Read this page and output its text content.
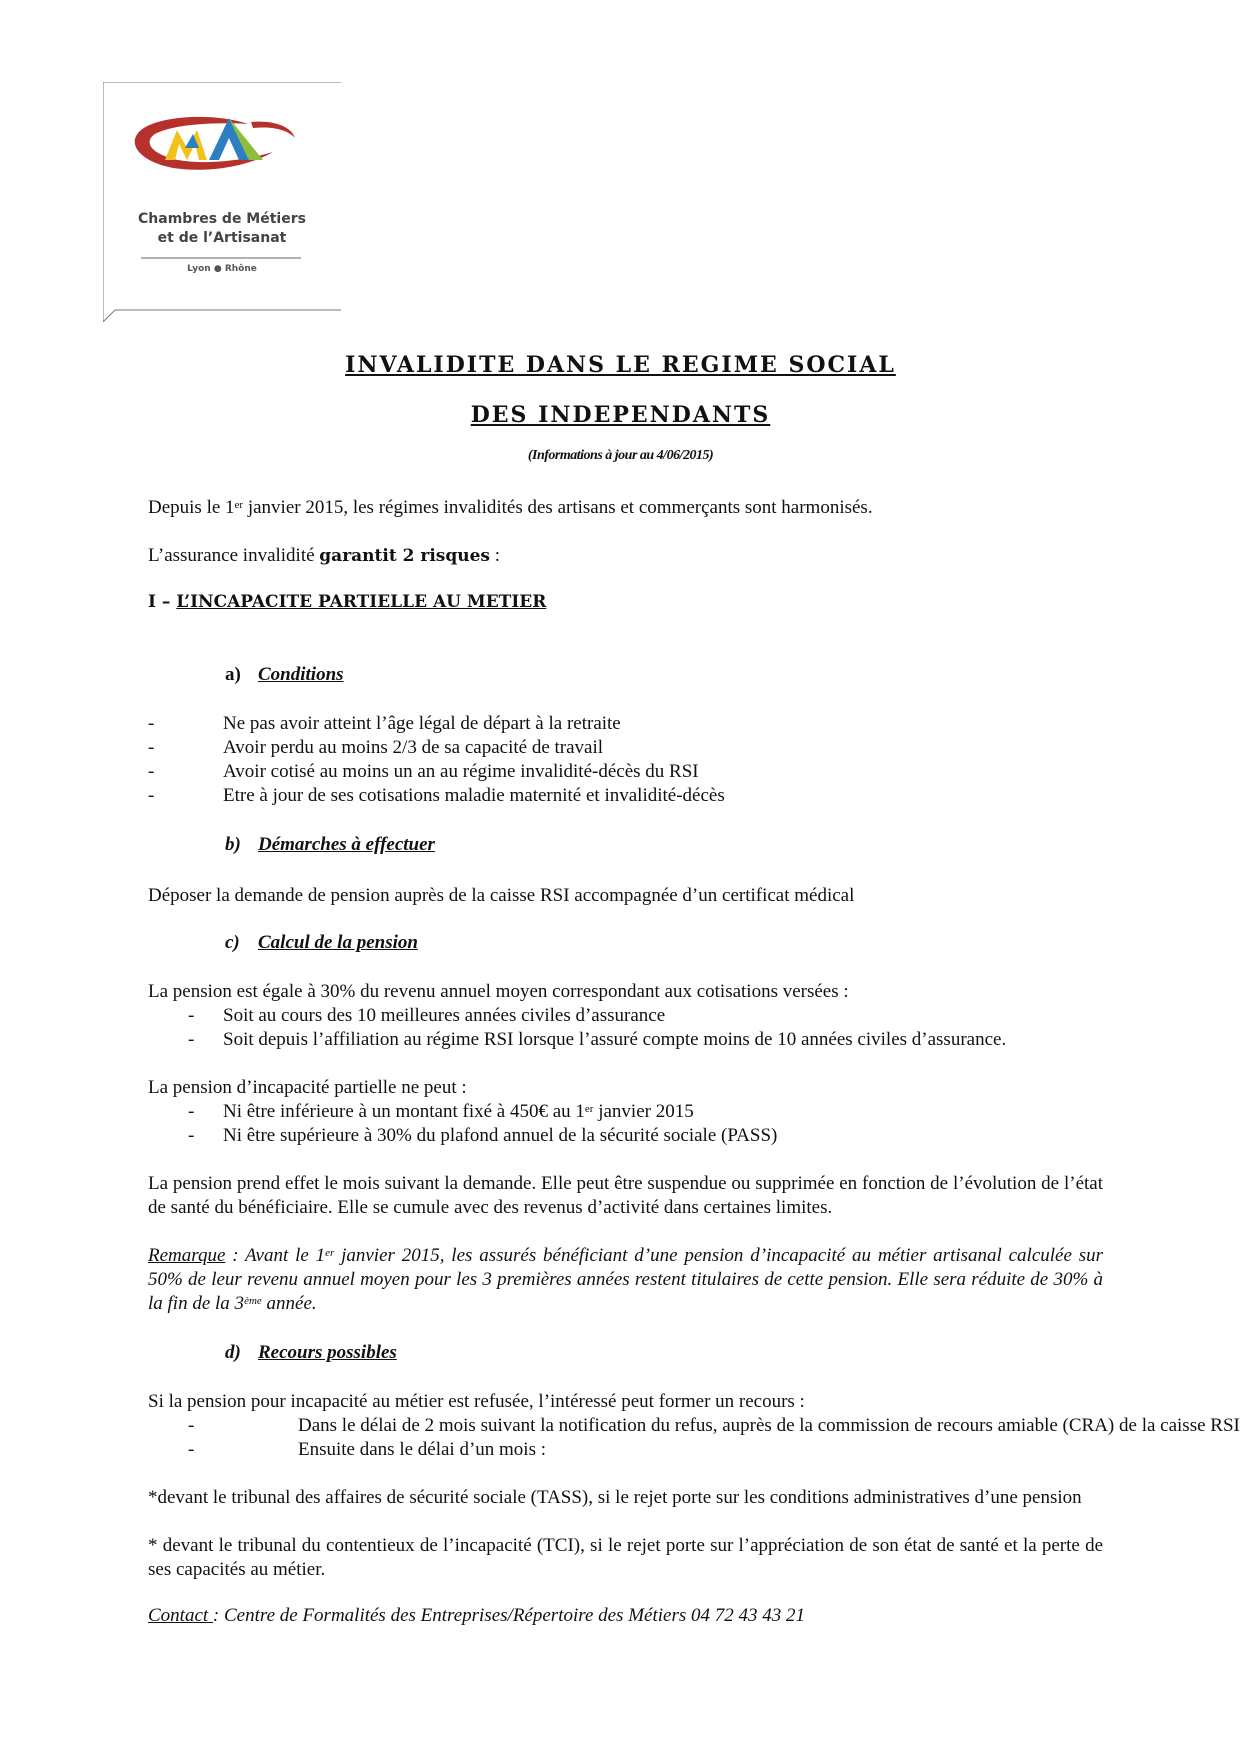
Chambres de Métiers
et de l’Artisanat
Lyon ● Rhône
INVALIDITE DANS LE REGIME SOCIAL
DES INDEPENDANTS
(Informations à jour au 4/06/2015)
Depuis le 1er janvier 2015, les régimes invalidités des artisans et commerçants sont harmonisés.
L’assurance invalidité garantit 2 risques :
I – L’INCAPACITE PARTIELLE AU METIER
a) Conditions
-	Ne pas avoir atteint l’âge légal de départ à la retraite
-	Avoir perdu au moins 2/3 de sa capacité de travail
-	Avoir cotisé au moins un an au régime invalidité-décès du RSI
-	Etre à jour de ses cotisations maladie maternité et invalidité-décès
b) Démarches à effectuer
Déposer la demande de pension auprès de la caisse RSI accompagnée d’un certificat médical
c) Calcul de la pension
La pension est égale à 30% du revenu annuel moyen correspondant aux cotisations versées :
- Soit au cours des 10 meilleures années civiles d’assurance
- Soit depuis l’affiliation au régime RSI lorsque l’assuré compte moins de 10 années civiles d’assurance.
La pension d’incapacité partielle ne peut :
- Ni être inférieure à un montant fixé à 450€ au 1er janvier 2015
- Ni être supérieure à 30% du plafond annuel de la sécurité sociale (PASS)
La pension prend effet le mois suivant la demande. Elle peut être suspendue ou supprimée en fonction de l’évolution de l’état de santé du bénéficiaire. Elle se cumule avec des revenus d’activité dans certaines limites.
Remarque : Avant le 1er janvier 2015, les assurés bénéficiant d’une pension d’incapacité au métier artisanal calculée sur 50% de leur revenu annuel moyen pour les 3 premières années restent titulaires de cette pension. Elle sera réduite de 30% à la fin de la 3ème année.
d) Recours possibles
Si la pension pour incapacité au métier est refusée, l’intéressé peut former un recours :
-	Dans le délai de 2 mois suivant la notification du refus, auprès de la commission de recours amiable (CRA) de la caisse RSI
-	Ensuite dans le délai d’un mois :
*devant le tribunal des affaires de sécurité sociale (TASS), si le rejet porte sur les conditions administratives d’une pension
* devant le tribunal du contentieux de l’incapacité (TCI), si le rejet porte sur l’appréciation de son état de santé et la perte de ses capacités au métier.
Contact : Centre de Formalités des Entreprises/Répertoire des Métiers 04 72 43 43 21
